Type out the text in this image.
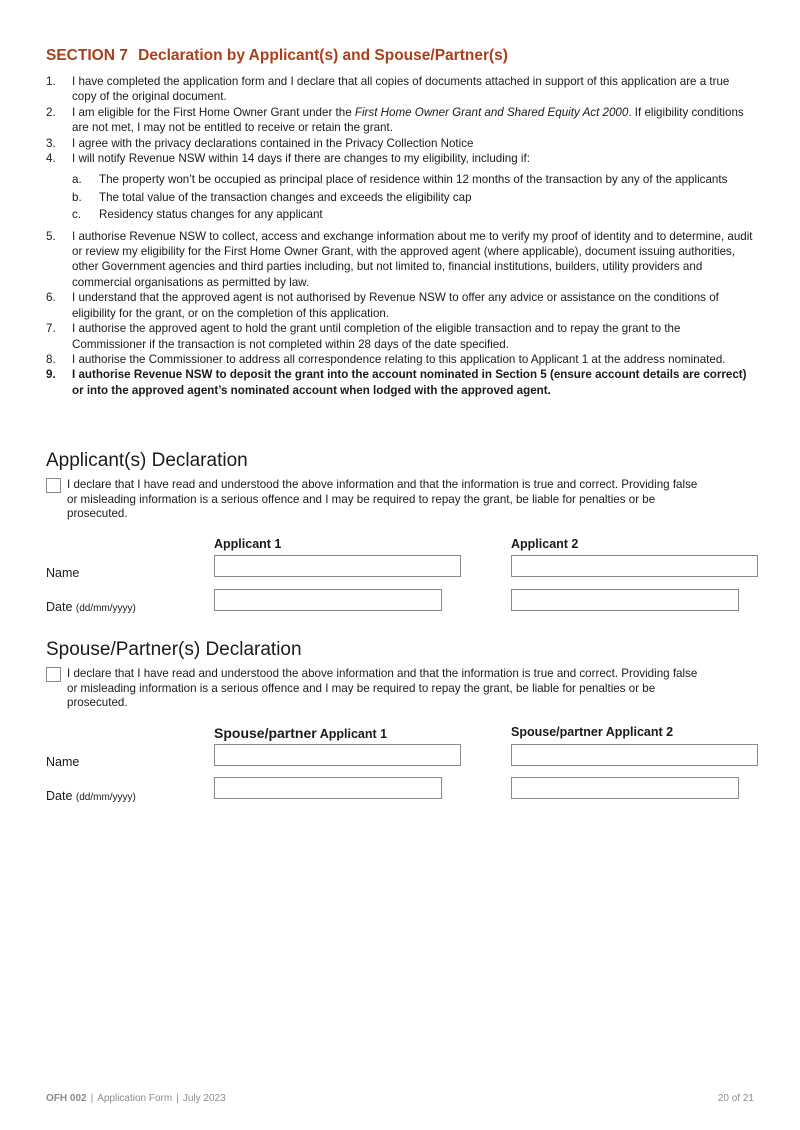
SECTION 7 Declaration by Applicant(s) and Spouse/Partner(s)
1. I have completed the application form and I declare that all copies of documents attached in support of this application are a true copy of the original document.
2. I am eligible for the First Home Owner Grant under the First Home Owner Grant and Shared Equity Act 2000. If eligibility conditions are not met, I may not be entitled to receive or retain the grant.
3. I agree with the privacy declarations contained in the Privacy Collection Notice
4. I will notify Revenue NSW within 14 days if there are changes to my eligibility, including if:
a. The property won’t be occupied as principal place of residence within 12 months of the transaction by any of the applicants
b. The total value of the transaction changes and exceeds the eligibility cap
c. Residency status changes for any applicant
5. I authorise Revenue NSW to collect, access and exchange information about me to verify my proof of identity and to determine, audit or review my eligibility for the First Home Owner Grant, with the approved agent (where applicable), document issuing authorities, other Government agencies and third parties including, but not limited to, financial institutions, builders, utility providers and commercial organisations as permitted by law.
6. I understand that the approved agent is not authorised by Revenue NSW to offer any advice or assistance on the conditions of eligibility for the grant, or on the completion of this application.
7. I authorise the approved agent to hold the grant until completion of the eligible transaction and to repay the grant to the Commissioner if the transaction is not completed within 28 days of the date specified.
8. I authorise the Commissioner to address all correspondence relating to this application to Applicant 1 at the address nominated.
9. I authorise Revenue NSW to deposit the grant into the account nominated in Section 5 (ensure account details are correct) or into the approved agent’s nominated account when lodged with the approved agent.
Applicant(s) Declaration
I declare that I have read and understood the above information and that the information is true and correct. Providing false or misleading information is a serious offence and I may be required to repay the grant, be liable for penalties or be prosecuted.
Applicant 1	Applicant 2
Name
Date (dd/mm/yyyy)
Spouse/Partner(s) Declaration
I declare that I have read and understood the above information and that the information is true and correct. Providing false or misleading information is a serious offence and I may be required to repay the grant, be liable for penalties or be prosecuted.
Spouse/partner Applicant 1	Spouse/partner Applicant 2
Name
Date (dd/mm/yyyy)
OFH 002 | Application Form | July 2023	20 of 21
